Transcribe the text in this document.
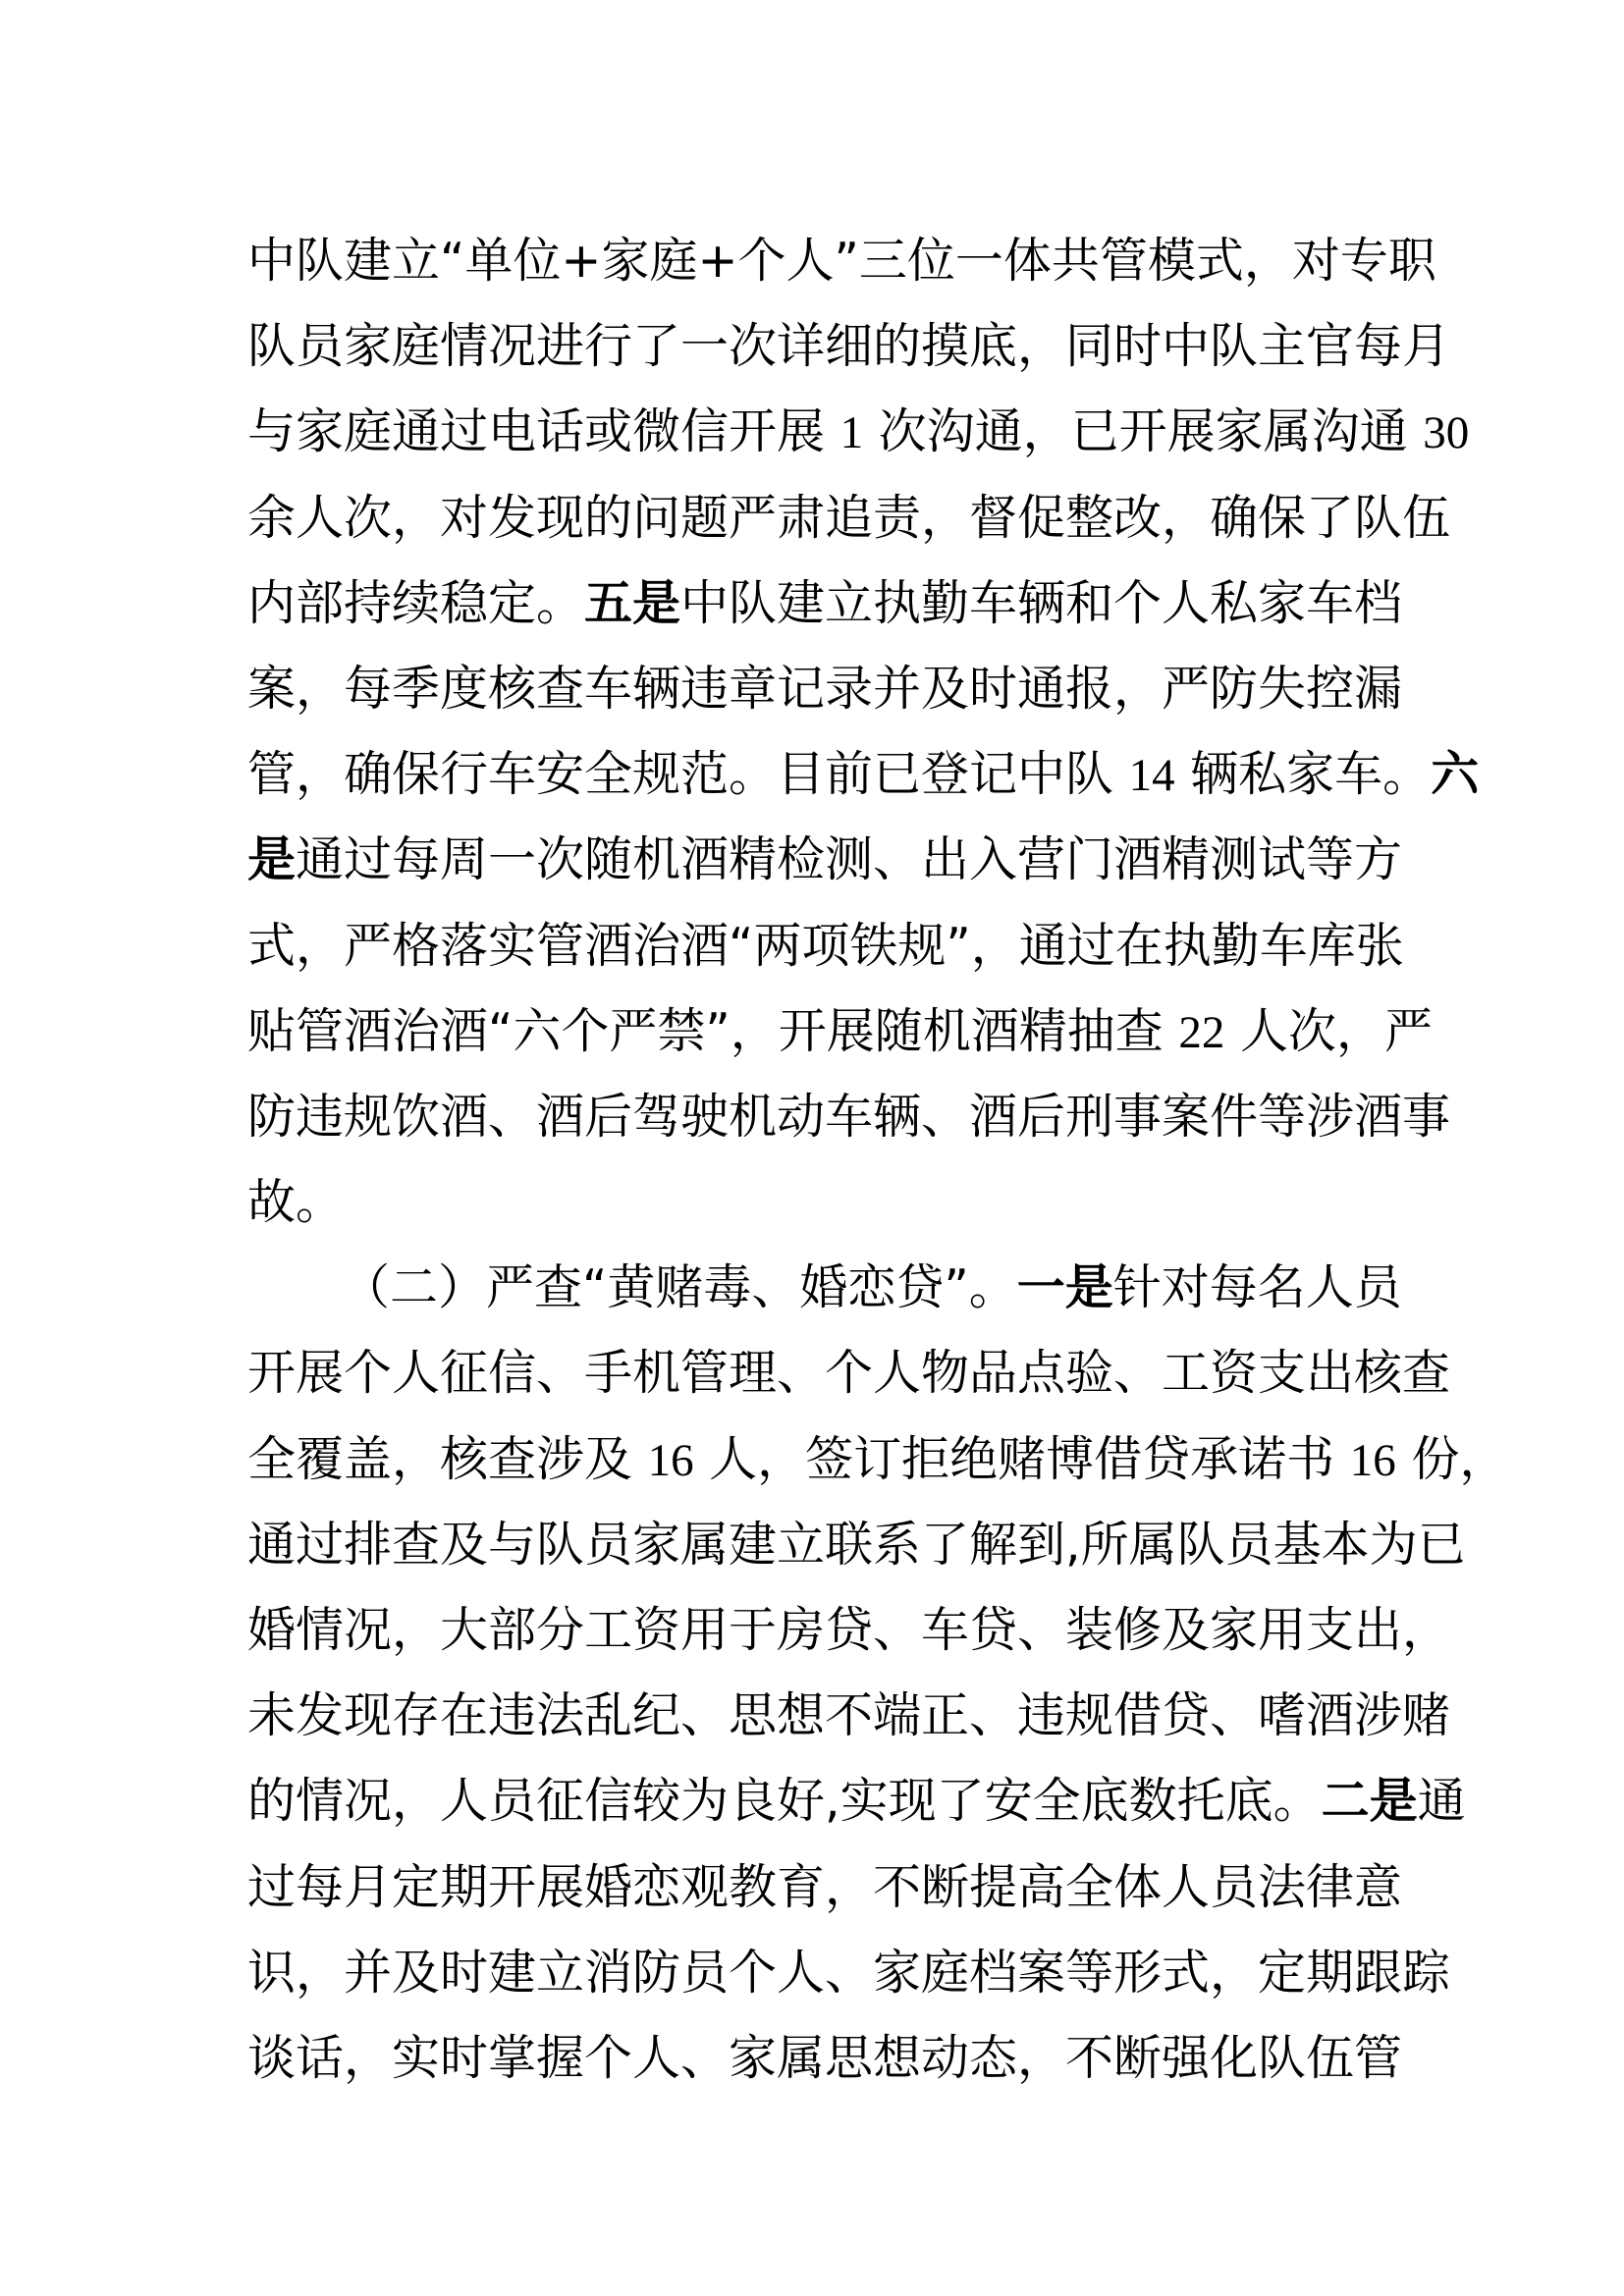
中队建立“单位+家庭+个人”三位一体共管模式，对专职
队员家庭情况进行了一次详细的摸底，同时中队主官每月
与家庭通过电话或微信开展 1 次沟通，已开展家属沟通 30
余人次，对发现的问题严肃追责，督促整改，确保了队伍
内部持续稳定。五是中队建立执勤车辆和个人私家车档
案，每季度核查车辆违章记录并及时通报，严防失控漏
管，确保行车安全规范。目前已登记中队 14 辆私家车。六
是通过每周一次随机酒精检测、出入营门酒精测试等方
式，严格落实管酒治酒“两项铁规”，通过在执勤车库张
贴管酒治酒“六个严禁”，开展随机酒精抽查 22 人次，严
防违规饮酒、酒后驾驶机动车辆、酒后刑事案件等涉酒事
故。
（二）严查“黄赌毒、婚恋贷”。一是针对每名人员
开展个人征信、手机管理、个人物品点验、工资支出核查
全覆盖，核查涉及 16 人，签订拒绝赌博借贷承诺书 16 份，
通过排查及与队员家属建立联系了解到,所属队员基本为已
婚情况，大部分工资用于房贷、车贷、装修及家用支出，
未发现存在违法乱纪、思想不端正、违规借贷、嗜酒涉赌
的情况，人员征信较为良好,实现了安全底数托底。二是通
过每月定期开展婚恋观教育，不断提高全体人员法律意
识，并及时建立消防员个人、家庭档案等形式，定期跟踪
谈话，实时掌握个人、家属思想动态，不断强化队伍管
